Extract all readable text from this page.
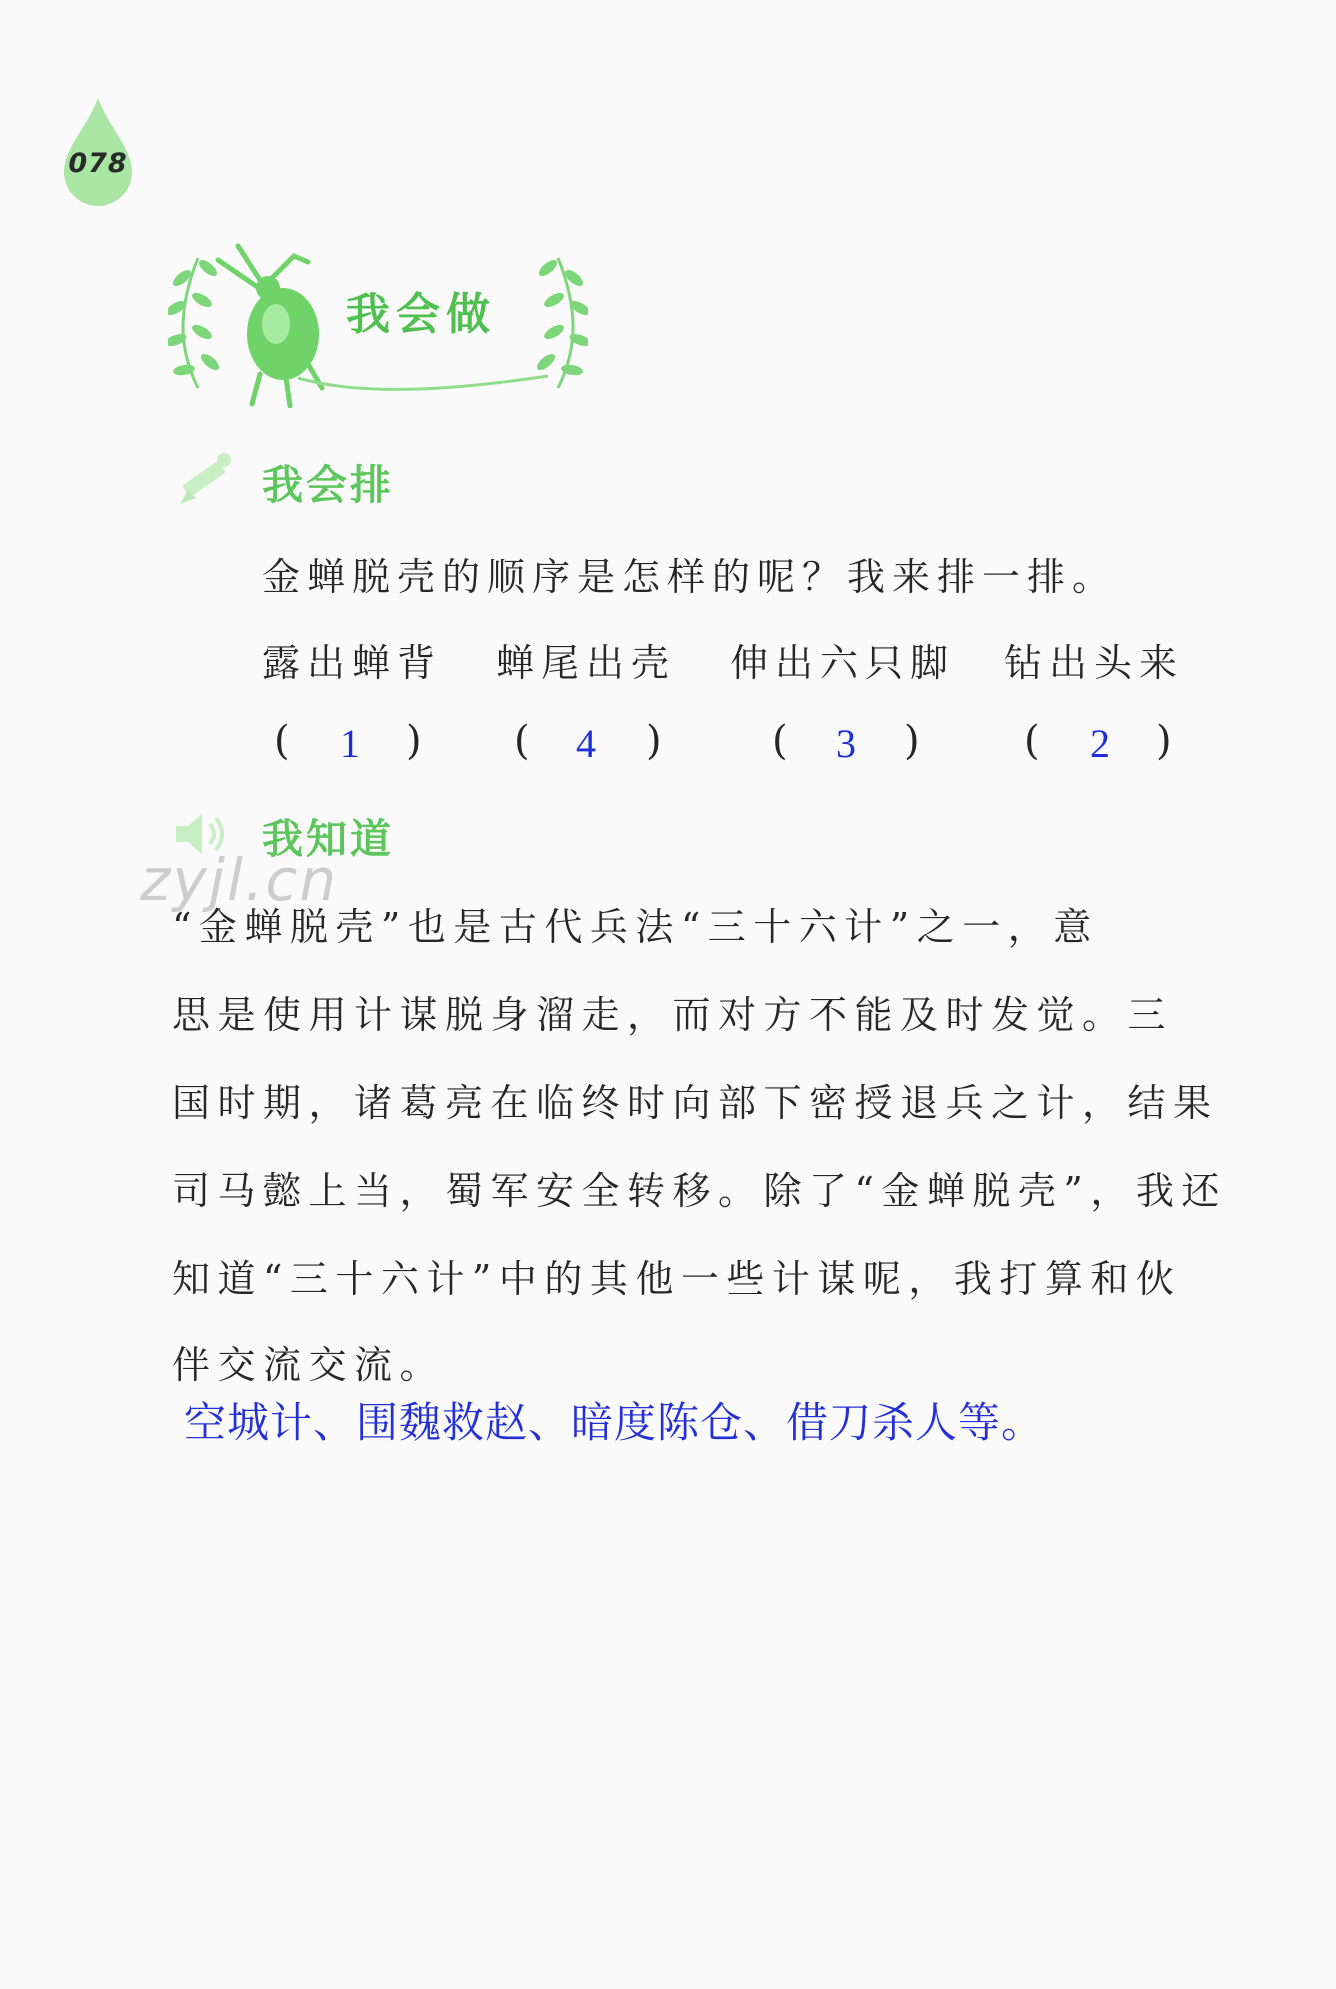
078
我会做
我会排
金蝉脱壳的顺序是怎样的呢？我来排一排。
露出蝉背 蝉尾出壳 伸出六只脚 钻出头来
( 1 ) ( 4 )	( 3 )	( 2 )
我知道
zyjl.cn
“金蝉脱壳”也是古代兵法“三十六计”之一，意
思是使用计谋脱身溜走，而对方不能及时发觉。三
国时期，诸葛亮在临终时向部下密授退兵之计，结果
司马懿上当，蜀军安全转移。除了“金蝉脱壳”，我还
知道“三十六计”中的其他一些计谋呢，我打算和伙
伴交流交流。
空城计、围魏救赵、暗度陈仓、借刀杀人等。
